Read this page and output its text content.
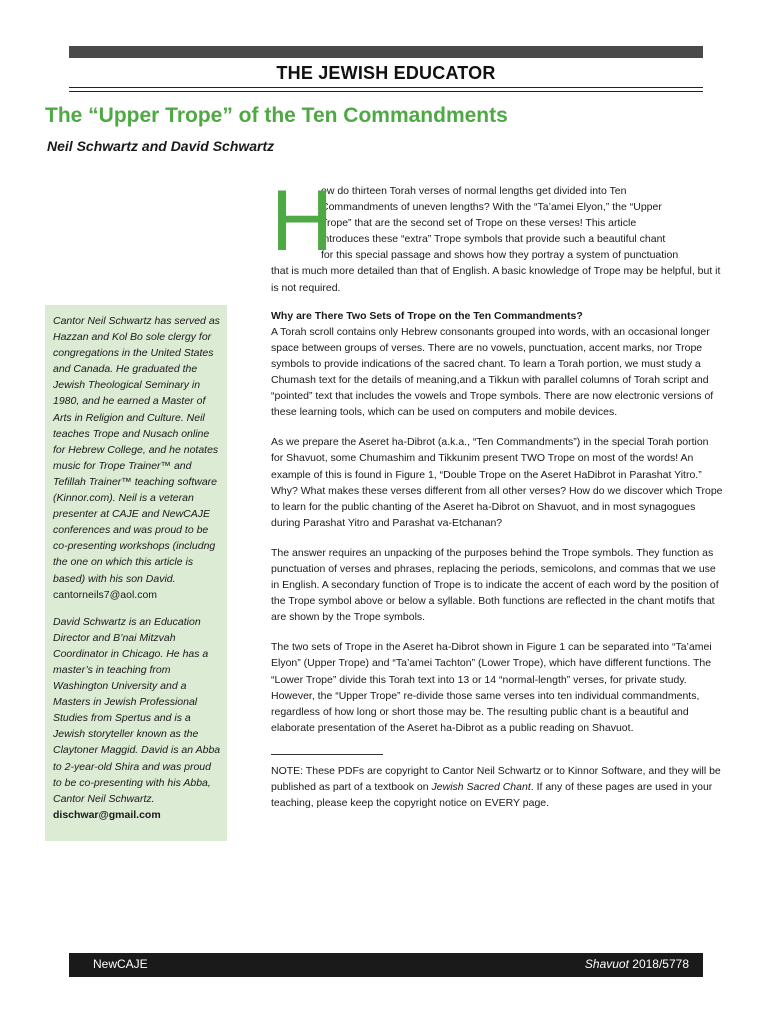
THE JEWISH EDUCATOR
The “Upper Trope” of the Ten Commandments
Neil Schwartz and David Schwartz

Cantor Neil Schwartz has served as Hazzan and Kol Bo sole clergy for congregations in the United States and Canada. He graduated the Jewish Theological Seminary in 1980, and he earned a Master of Arts in Religion and Culture. Neil teaches Trope and Nusach online for Hebrew College, and he notates music for Trope Trainer™ and Tefillah Trainer™ teaching software (Kinnor.com). Neil is a veteran presenter at CAJE and NewCAJE conferences and was proud to be co-presenting workshops (includng the one on which this article is based) with his son David.

cantorneils7@aol.com

David Schwartz is an Education Director and B’nai Mitzvah Coordinator in Chicago. He has a master’s in teaching from Washington University and a Masters in Jewish Professional Studies from Spertus and is a Jewish storyteller known as the Claytoner Maggid. David is an Abba to 2-year-old Shira and was proud to be co-presenting with his Abba, Cantor Neil Schwartz.

dischwar@gmail.com

H
ow do thirteen Torah verses of normal lengths get divided into Ten
Commandments of uneven lengths? With the “Ta’amei Elyon,” the “Upper
Trope” that are the second set of Trope on these verses! This article
introduces these “extra” Trope symbols that provide such a beautiful chant
for this special passage and shows how they portray a system of punctuation
that is much more detailed than that of English. A basic knowledge of Trope may be helpful, but it is not required.

Why are There Two Sets of Trope on the Ten Commandments?

A Torah scroll contains only Hebrew consonants grouped into words, with an occasional longer space between groups of verses. There are no vowels, punctuation, accent marks, nor Trope symbols to provide indications of the sacred chant. To learn a Torah portion, we must study a Chumash text for the details of meaning,and a Tikkun with parallel columns of Torah script and “pointed” text that includes the vowels and Trope symbols. There are now electronic versions of these learning tools, which can be used on computers and mobile devices.

As we prepare the Aseret ha-Dibrot (a.k.a., “Ten Commandments”) in the special Torah portion for Shavuot, some Chumashim and Tikkunim present TWO Trope on most of the words! An example of this is found in Figure 1, “Double Trope on the Aseret HaDibrot in Parashat Yitro.” Why? What makes these verses different from all other verses? How do we discover which Trope to learn for the public chanting of the Aseret ha-Dibrot on Shavuot, and in most synagogues during Parashat Yitro and Parashat va-Etchanan?

The answer requires an unpacking of the purposes behind the Trope symbols. They function as punctuation of verses and phrases, replacing the periods, semicolons, and commas that we use in English. A secondary function of Trope is to indicate the accent of each word by the position of the Trope symbol above or below a syllable. Both functions are reflected in the chant motifs that are shown by the Trope symbols.

The two sets of Trope in the Aseret ha-Dibrot shown in Figure 1 can be separated into “Ta’amei Elyon” (Upper Trope) and “Ta’amei Tachton” (Lower Trope), which have different functions. The “Lower Trope” divide this Torah text into 13 or 14 “normal-length” verses, for private study. However, the “Upper Trope” re-divide those same verses into ten individual commandments, regardless of how long or short those may be. The resulting public chant is a beautiful and elaborate presentation of the Aseret ha-Dibrot as a public reading on Shavuot.

NOTE: These PDFs are copyright to Cantor Neil Schwartz or to Kinnor Software, and they will be published as part of a textbook on Jewish Sacred Chant. If any of these pages are used in your teaching, please keep the copyright notice on EVERY page.

NewCAJE	Shavuot 2018/5778
